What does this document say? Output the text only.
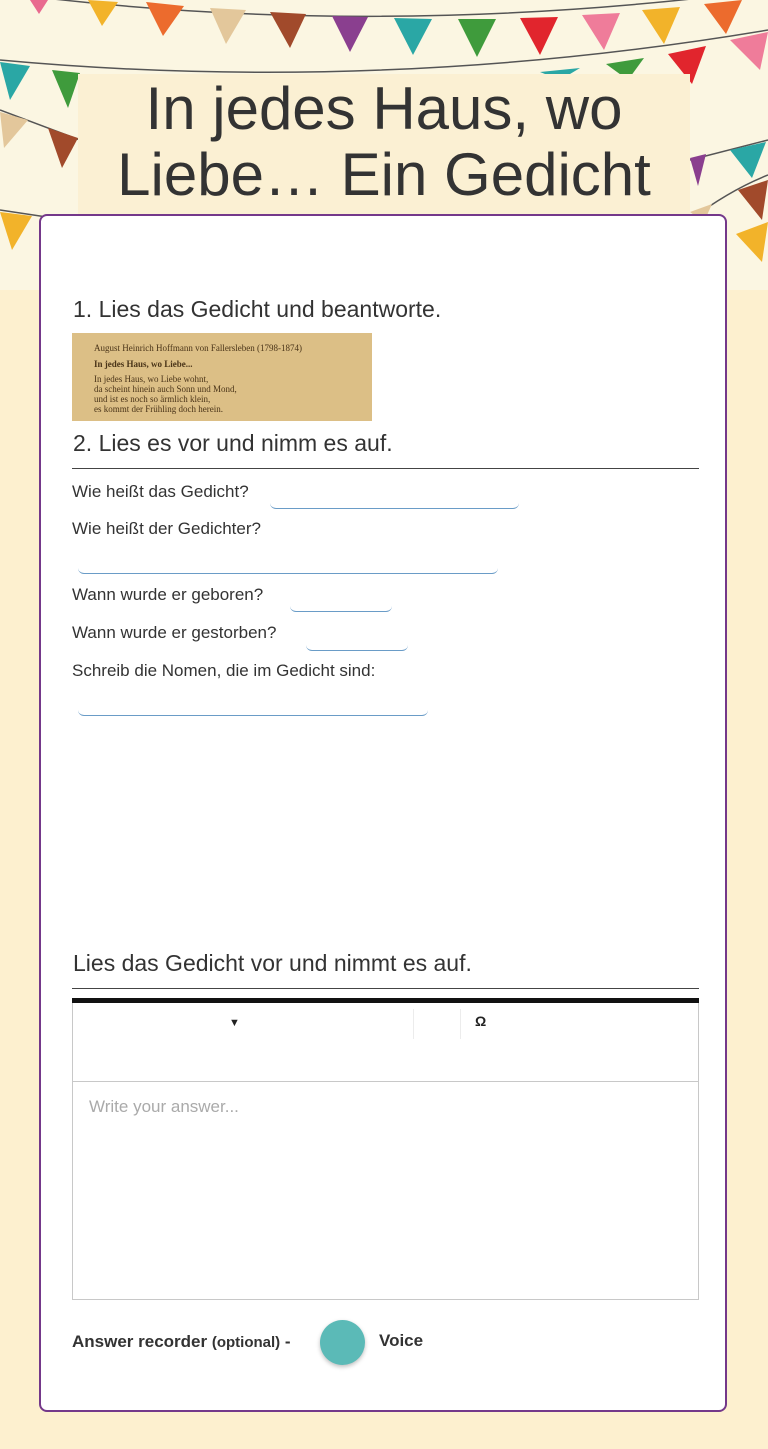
In jedes Haus, wo Liebe… Ein Gedicht
1. Lies das Gedicht und beantworte.
August Heinrich Hoffmann von Fallersleben (1798-1874)
In jedes Haus, wo Liebe...
In jedes Haus, wo Liebe wohnt,
da scheint hinein auch Sonn und Mond,
und ist es noch so ärmlich klein,
es kommt der Frühling doch herein.
2. Lies es vor und nimm es auf.
Wie heißt das Gedicht?
Wie heißt der Gedichter?
Wann wurde er geboren?
Wann wurde er gestorben?
Schreib die Nomen, die im Gedicht sind:
Lies das Gedicht vor und nimmt es auf.
▼	Ω
Write your answer...
Answer recorder (optional) -	Voice
